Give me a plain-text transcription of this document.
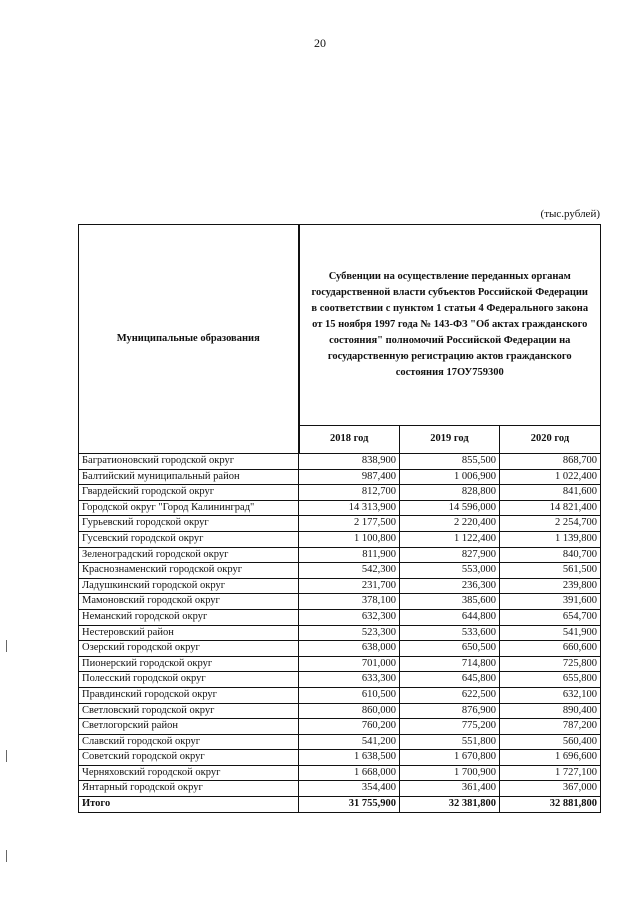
20
(тыс.рублей)
Муниципальные образования	Субвенции на осуществление переданных органам государственной власти субъектов Российской Федерации в соответствии с пунктом 1 статьи 4 Федерального закона от 15 ноября 1997 года № 143-ФЗ "Об актах гражданского состояния" полномочий Российской Федерации на государственную регистрацию актов гражданского состояния 17ОУ759300		
	2018 год	2019 год	2020 год
Багратионовский городской округ	838,900	855,500	868,700
Балтийский муниципальный район	987,400	1 006,900	1 022,400
Гвардейский городской округ	812,700	828,800	841,600
Городской округ "Город Калининград"	14 313,900	14 596,000	14 821,400
Гурьевский городской округ	2 177,500	2 220,400	2 254,700
Гусевский городской округ	1 100,800	1 122,400	1 139,800
Зеленоградский городской округ	811,900	827,900	840,700
Краснознаменский городской округ	542,300	553,000	561,500
Ладушкинский городской округ	231,700	236,300	239,800
Мамоновский городской округ	378,100	385,600	391,600
Неманский городской округ	632,300	644,800	654,700
Нестеровский район	523,300	533,600	541,900
Озерский городской округ	638,000	650,500	660,600
Пионерский городской округ	701,000	714,800	725,800
Полесский городской округ	633,300	645,800	655,800
Правдинский городской округ	610,500	622,500	632,100
Светловский городской округ	860,000	876,900	890,400
Светлогорский район	760,200	775,200	787,200
Славский городской округ	541,200	551,800	560,400
Советский городской округ	1 638,500	1 670,800	1 696,600
Черняховский городской округ	1 668,000	1 700,900	1 727,100
Янтарный городской округ	354,400	361,400	367,000
Итого	31 755,900	32 381,800	32 881,800
